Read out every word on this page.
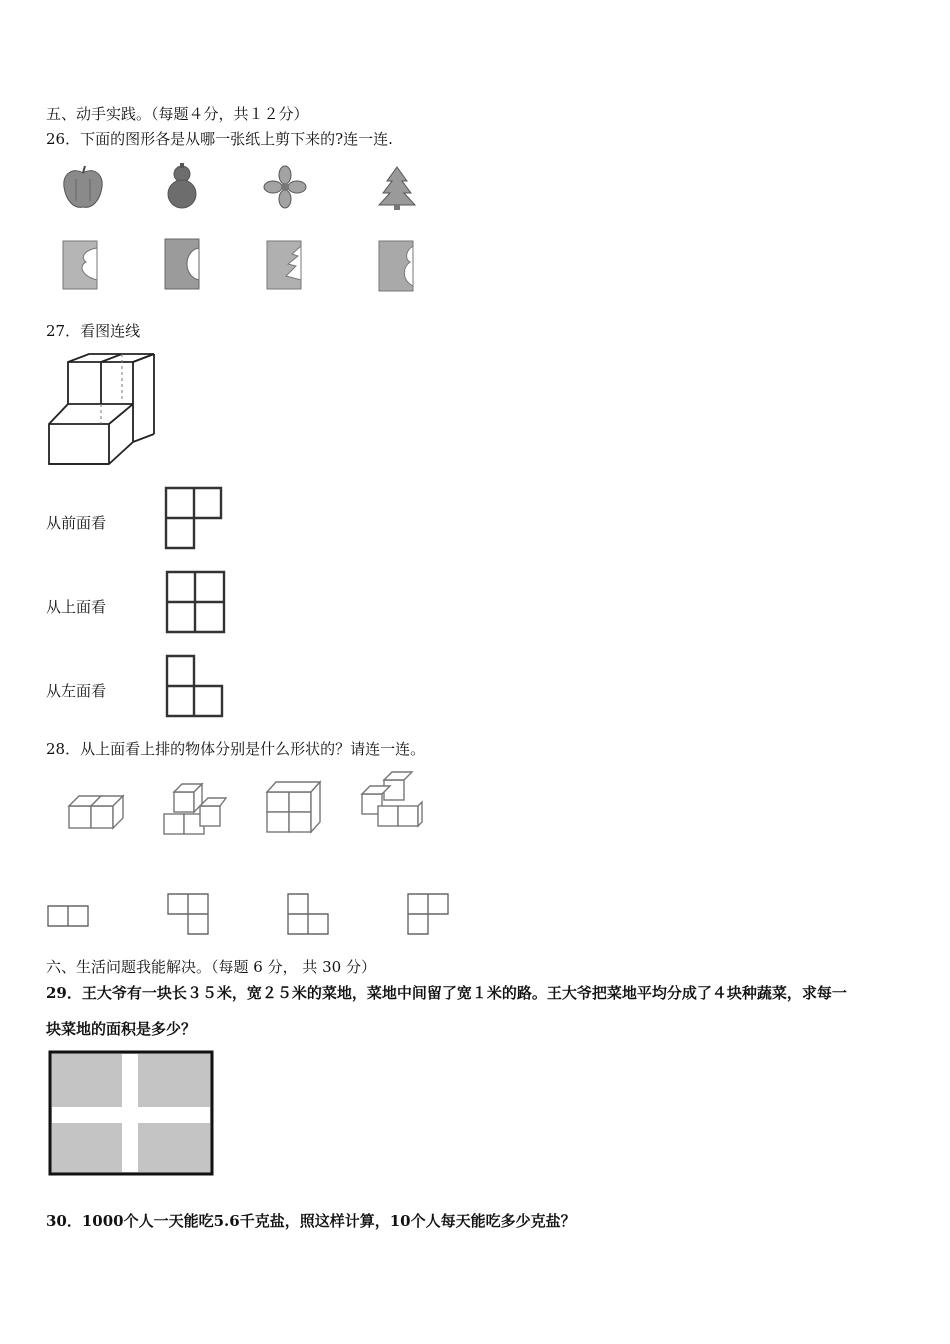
五、动手实践。（每题４分，共１２分）
26．下面的图形各是从哪一张纸上剪下来的?连一连.
27．看图连线
从前面看
从上面看
从左面看
28．从上面看上排的物体分别是什么形状的？请连一连。
六、生活问题我能解决。（每题 6 分， 共 30 分）
29．王大爷有一块长３５米，宽２５米的菜地，菜地中间留了宽１米的路。王大爷把菜地平均分成了４块种蔬菜，求每一
块菜地的面积是多少？
30．1000个人一天能吃5.6千克盐，照这样计算，10个人每天能吃多少克盐？
